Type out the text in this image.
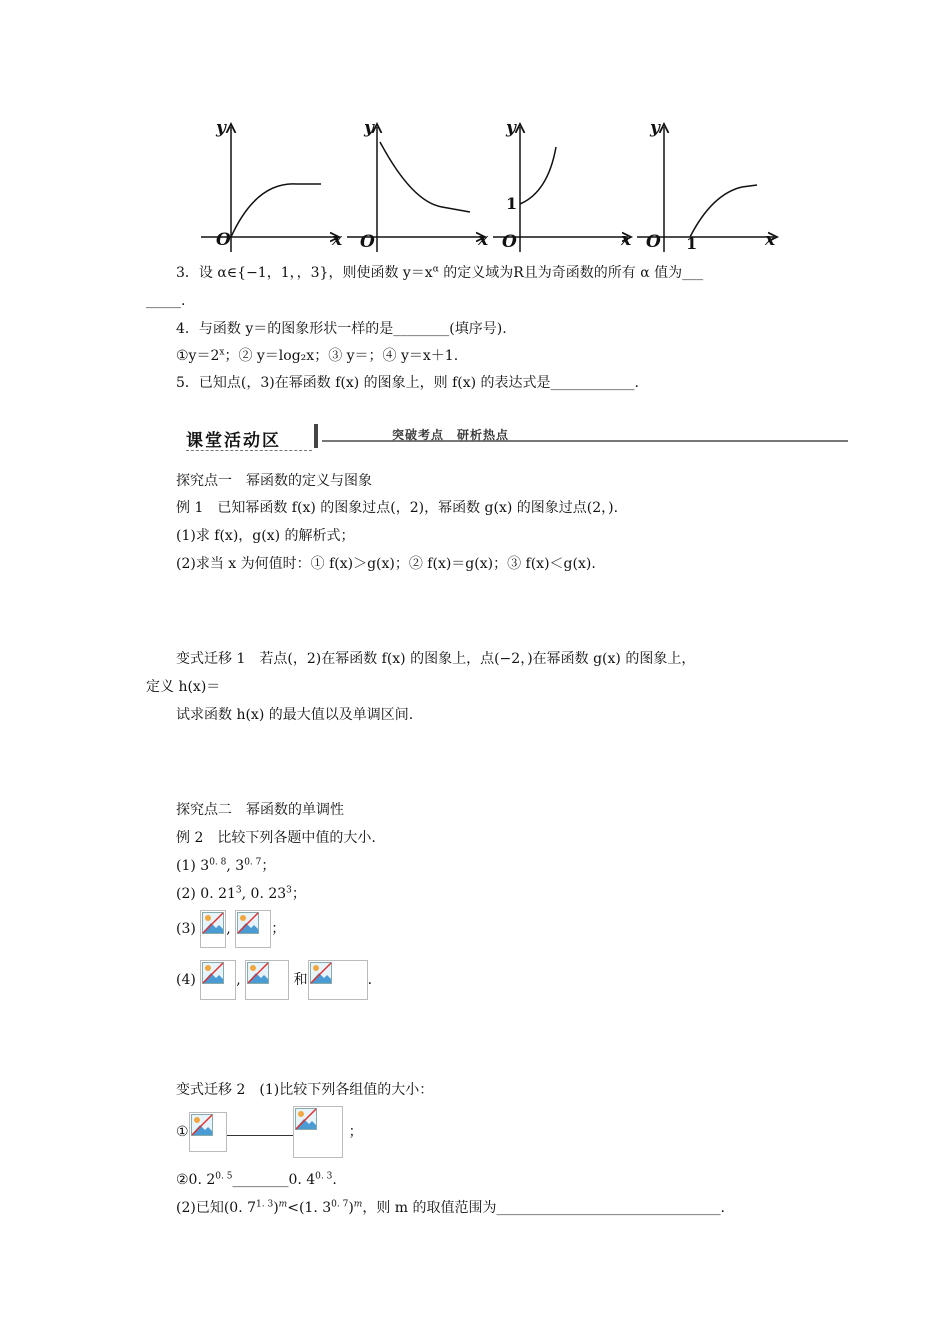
y
x
O
y
x
O
y
1
x
O
y
x
O 1
3．设 α∈{−1，1，，3}，则使函数 $y=x^\alpha$ 的定义域为R且为奇函数的所有 α 值为___
_____.
4．与函数 y＝的图象形状一样的是________(填序号).
$①y=2^x$；② y＝log₂x；③ y＝；④ y＝x＋1.
5．已知点(，3)在幂函数 f(x) 的图象上，则 f(x) 的表达式是____________.
课堂活动区	突破考点　研析热点
探究点一　幂函数的定义与图象
例 1　已知幂函数 f(x) 的图象过点(，2)，幂函数 g(x) 的图象过点(2，).
(1)求 f(x)，g(x) 的解析式；
(2)求当 x 为何值时：① f(x)＞g(x)；② f(x)＝g(x)；③ f(x)＜g(x).
变式迁移 1　若点(，2)在幂函数 f(x) 的图象上，点(−2，)在幂函数 g(x) 的图象上，
定义 h(x)＝
试求函数 h(x) 的最大值以及单调区间.
探究点二　幂函数的单调性
例 2　比较下列各题中值的大小.
(1) $3^{0. 8}$, $3^{0. 7}$；
(2) 0. $21^3$, 0. $23^3$；
(3) ,	；
(4)	,	和	.
变式迁移 2　(1)比较下列各组值的大小：
①	；
②0. $2^{0. 5}\_\_\_\_\_\_\_\_0$. $4^{0. 3}$.
(2)已知(0. $7^{1. 3})^m<(1$. $3^{0. 7})^m$，则 m 的取值范围为________________________________.
